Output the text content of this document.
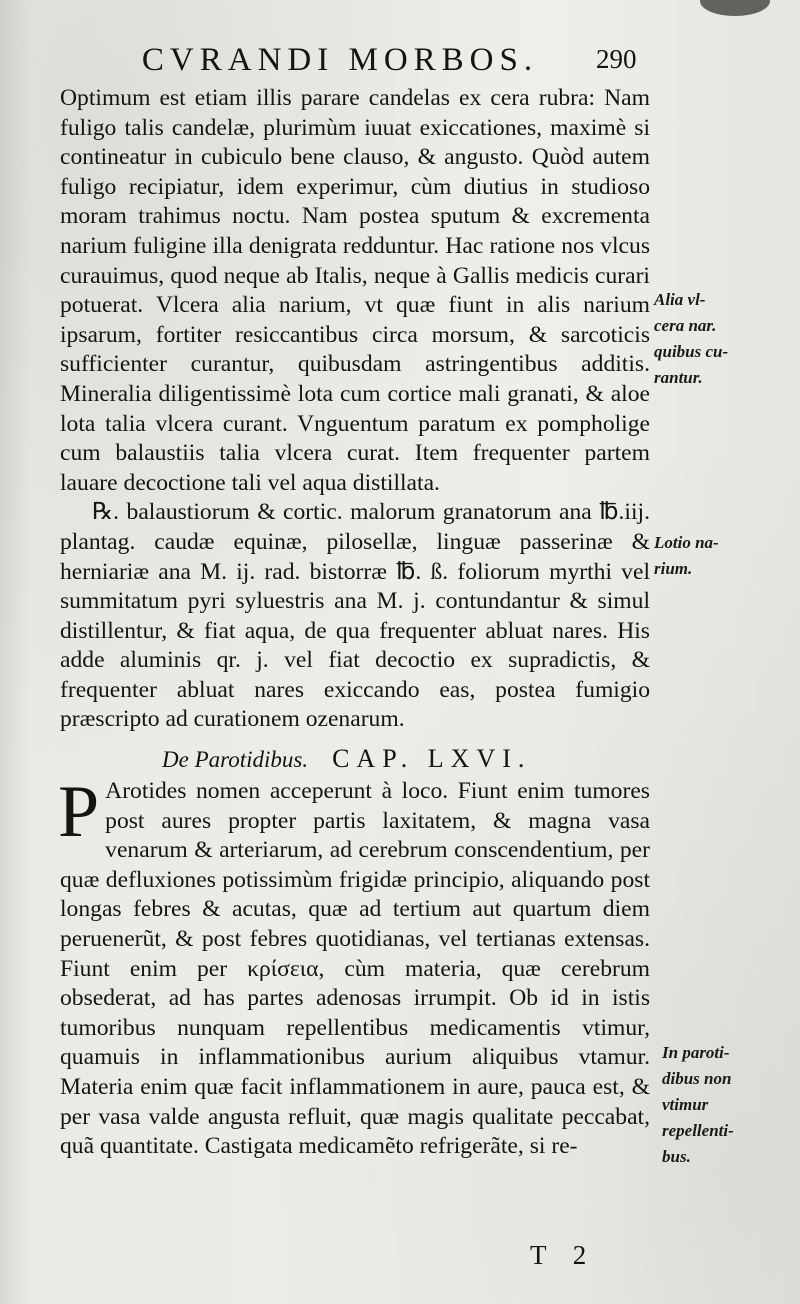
CVRANDI MORBOS.	290

Optimum est etiam illis parare candelas ex cera rubra: Nam fuligo talis candelæ, plurimùm iuuat exiccationes, maximè si contineatur in cubiculo bene clauso, & angusto. Quòd autem fuligo recipiatur, idem experimur, cùm diutius in studioso moram trahimus noctu. Nam postea sputum & excrementa narium fuligine illa denigrata redduntur. Hac ratione nos vlcus curauimus, quod neque ab Italis, neque à Gallis medicis curari potuerat. Vlcera alia narium, vt quæ fiunt in alis narium ipsarum, fortiter resiccantibus circa morsum, & sarcoticis sufficienter curantur, quibusdam astringentibus additis. Mineralia diligentissimè lota cum cortice mali granati, & aloe lota talia vlcera curant. Vnguentum paratum ex pompholige cum balaustiis talia vlcera curat. Item frequenter partem lauare decoctione tali vel aqua distillata.

℞. balaustiorum & cortic. malorum granatorum ana ℔.iij. plantag. caudæ equinæ, pilosellæ, linguæ passerinæ & herniariæ ana M. ij. rad. bistorræ ℔. ß. foliorum myrthi vel summitatum pyri syluestris ana M. j. contundantur & simul distillentur, & fiat aqua, de qua frequenter abluat nares. His adde aluminis qr. j. vel fiat decoctio ex supradictis, & frequenter abluat nares exiccando eas, postea fumigio præscripto ad curationem ozenarum.

De Parotidibus. CAP. LXVI.

P Arotides nomen acceperunt à loco. Fiunt enim tumores post aures propter partis laxitatem, & magna vasa venarum & arteriarum, ad cerebrum conscendentium, per quæ defluxiones potissimùm frigidæ principio, aliquando post longas febres & acutas, quæ ad tertium aut quartum diem peruenerũt, & post febres quotidianas, vel tertianas extensas. Fiunt enim per κρίσεια, cùm materia, quæ cerebrum obsederat, ad has partes adenosas irrumpit. Ob id in istis tumoribus nunquam repellentibus medicamentis vtimur, quamuis in inflammationibus aurium aliquibus vtamur. Materia enim quæ facit inflammationem in aure, pauca est, & per vasa valde angusta refluit, quæ magis qualitate peccabat, quã quantitate. Castigata medicamẽto refrigerãte, si re-

Alia vl-
cera nar.
quibus cu-
rantur.
Lotio na-
rium.
In paroti-
dibus non
vtimur
repellenti-
bus.
T 2
